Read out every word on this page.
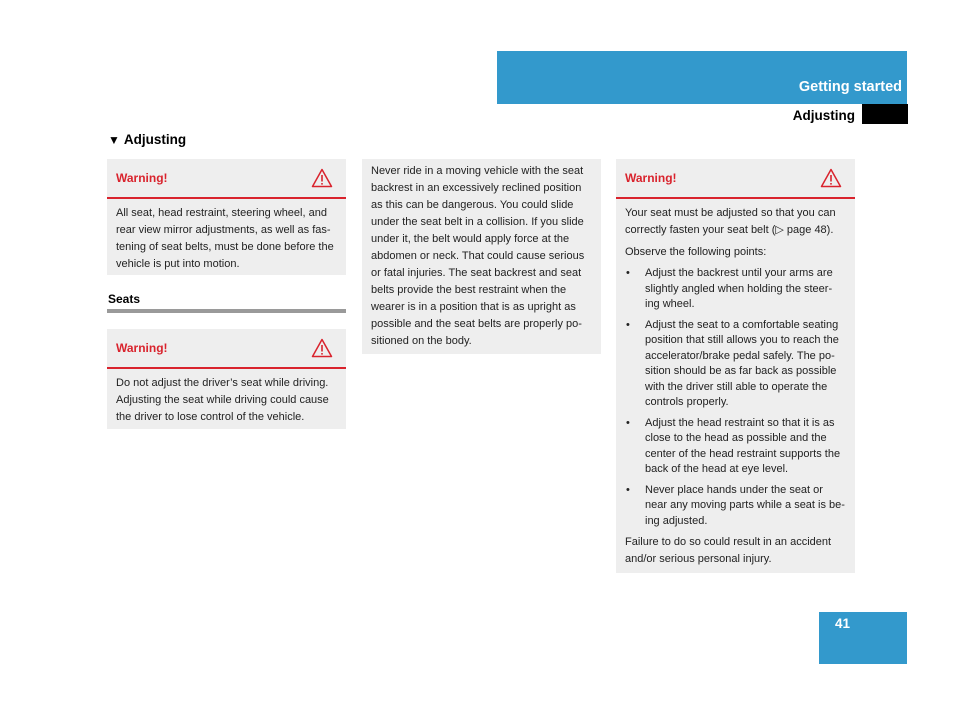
Getting started
Adjusting
▼ Adjusting
Warning!

All seat, head restraint, steering wheel, and rear view mirror adjustments, as well as fas-tening of seat belts, must be done before the vehicle is put into motion.

Seats
Warning!

Do not adjust the driver’s seat while driving. Adjusting the seat while driving could cause the driver to lose control of the vehicle.

Never ride in a moving vehicle with the seat backrest in an excessively reclined position as this can be dangerous. You could slide under the seat belt in a collision. If you slide under it, the belt would apply force at the abdomen or neck. That could cause serious or fatal injuries. The seat backrest and seat belts provide the best restraint when the wearer is in a position that is as upright as possible and the seat belts are properly po-sitioned on the body.

Warning!

Your seat must be adjusted so that you can correctly fasten your seat belt (▷ page 48).

Observe the following points:

• Adjust the backrest until your arms are slightly angled when holding the steer-ing wheel.
• Adjust the seat to a comfortable seating position that still allows you to reach the accelerator/brake pedal safely. The po-sition should be as far back as possible with the driver still able to operate the controls properly.
• Adjust the head restraint so that it is as close to the head as possible and the center of the head restraint supports the back of the head at eye level.
• Never place hands under the seat or near any moving parts while a seat is be-ing adjusted.

Failure to do so could result in an accident and/or serious personal injury.

41
